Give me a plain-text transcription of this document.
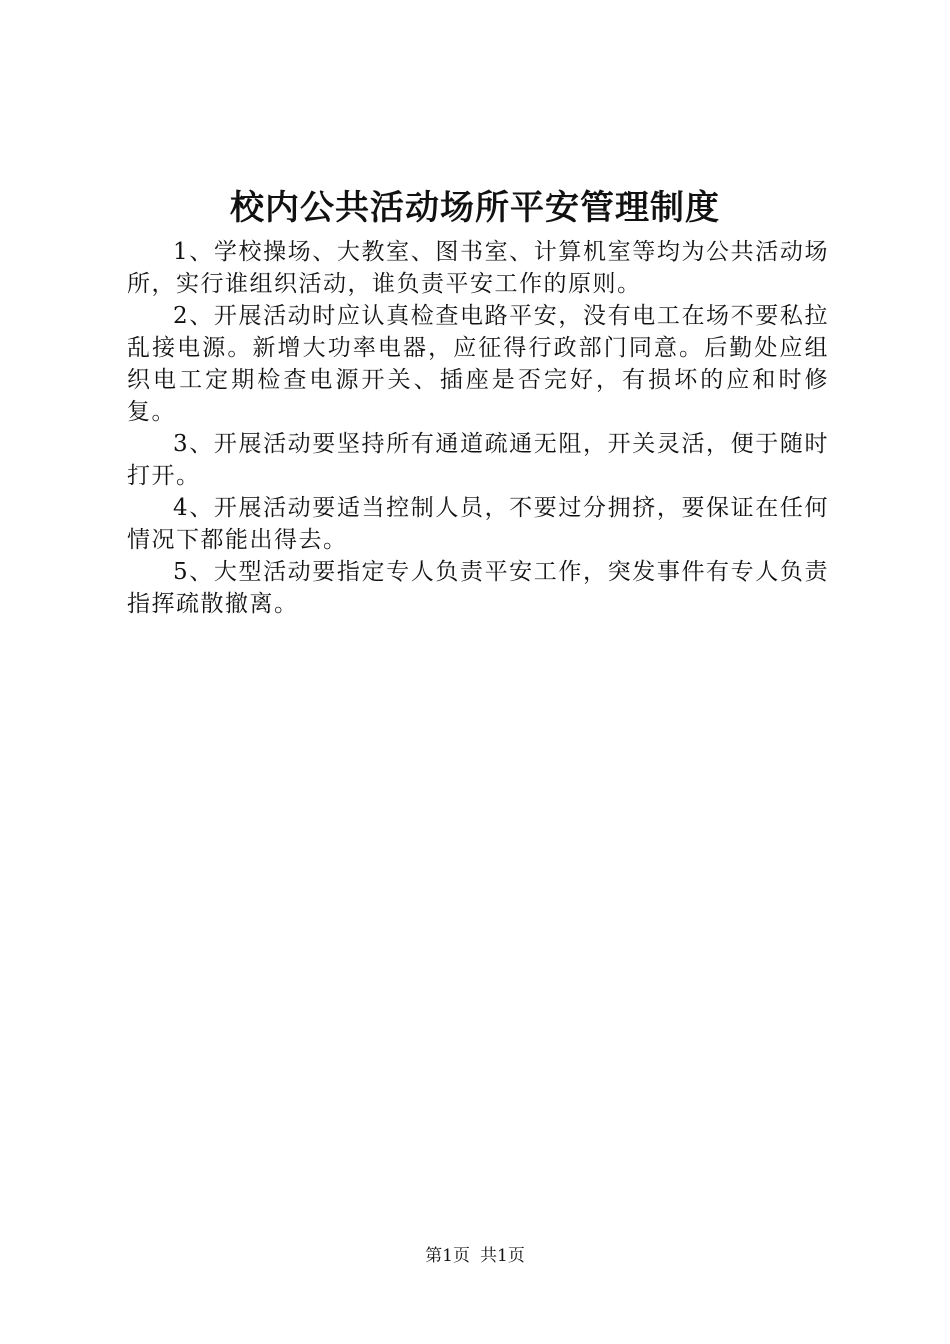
校内公共活动场所平安管理制度

1、学校操场、大教室、图书室、计算机室等均为公共活动场所，实行谁组织活动，谁负责平安工作的原则。

2、开展活动时应认真检查电路平安，没有电工在场不要私拉乱接电源。新增大功率电器，应征得行政部门同意。后勤处应组织电工定期检查电源开关、插座是否完好，有损坏的应和时修复。

3、开展活动要坚持所有通道疏通无阻，开关灵活，便于随时打开。

4、开展活动要适当控制人员，不要过分拥挤，要保证在任何情况下都能出得去。

5、大型活动要指定专人负责平安工作，突发事件有专人负责指挥疏散撤离。

第1页 共1页
